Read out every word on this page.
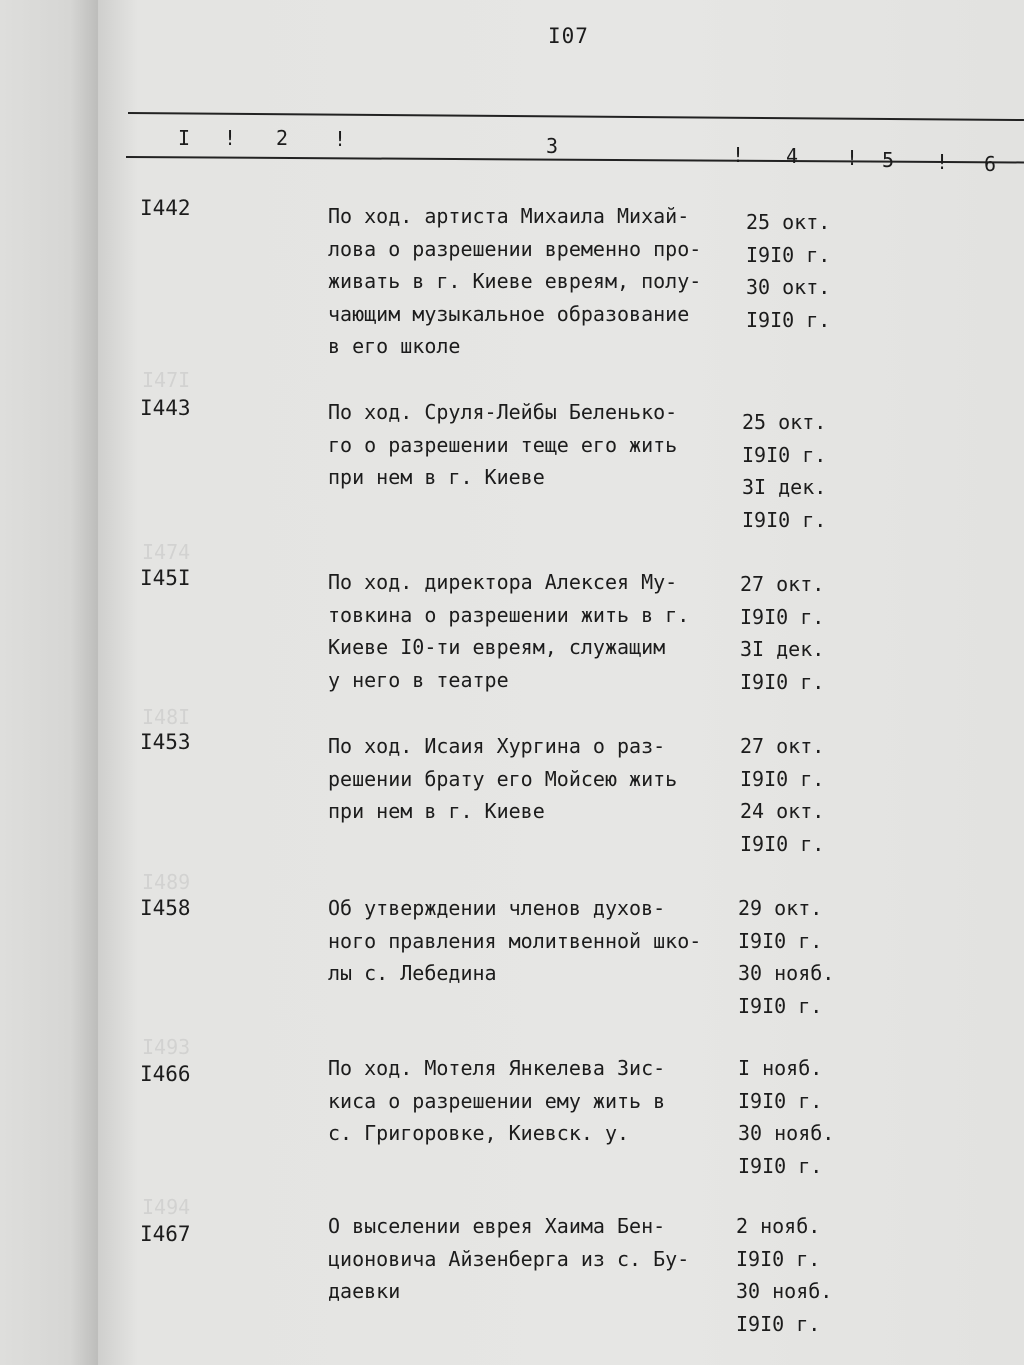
I07
I ! 2 !	3	! 4 ! 5 ! 6
I47I
I474
I48I
I489
I493
I494
I442	По ход. артиста Михаила Михай-
лова о разрешении временно про-
живать в г. Киеве евреям, полу-
чающим музыкальное образование
в его школе
25 окт.
I9I0 г.
30 окт.
I9I0 г.
I443	По ход. Сруля-Лейбы Беленько-
го о разрешении теще его жить
при нем в г. Киеве
25 окт.
I9I0 г.
3I дек.
I9I0 г.
I45I	По ход. директора Алексея Му-
товкина о разрешении жить в г.
Киеве I0-ти евреям, служащим
у него в театре
27 окт.
I9I0 г.
3I дек.
I9I0 г.
I453	По ход. Исаия Хургина о раз-
решении брату его Мойсею жить
при нем в г. Киеве
27 окт.
I9I0 г.
24 окт.
I9I0 г.
I458	Об утверждении членов духов-
ного правления молитвенной шко-
лы с. Лебедина
29 окт.
I9I0 г.
30 нояб.
I9I0 г.
I466	По ход. Мотеля Янкелева Зис-
киса о разрешении ему жить в
с. Григоровке, Киевск. у.
I нояб.
I9I0 г.
30 нояб.
I9I0 г.
I467	О выселении еврея Хаима Бен-
ционовича Айзенберга из с. Бу-
даевки
2 нояб.
I9I0 г.
30 нояб.
I9I0 г.
